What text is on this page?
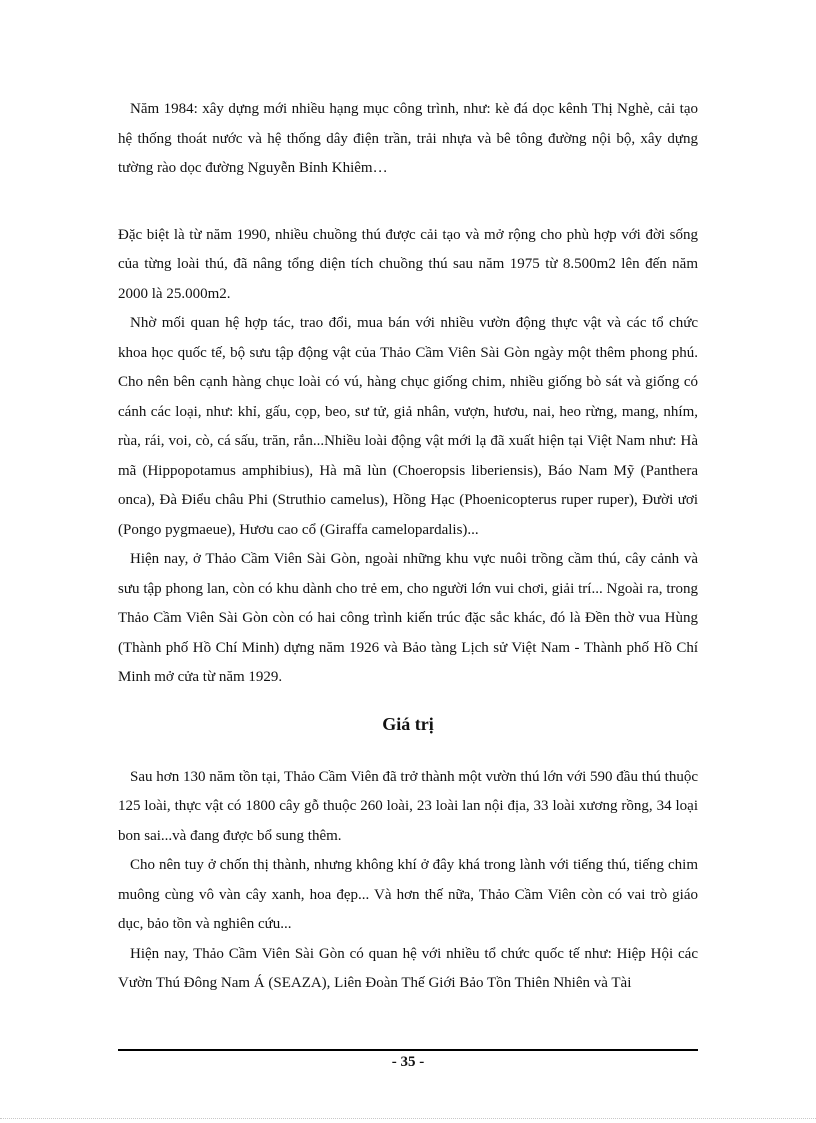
Năm 1984: xây dựng mới nhiều hạng mục công trình, như: kè đá dọc kênh Thị Nghè, cải tạo hệ thống thoát nước và hệ thống dây điện trần, trải nhựa và bê tông đường nội bộ, xây dựng tường rào dọc đường Nguyễn Bỉnh Khiêm…

Đặc biệt là từ năm 1990, nhiều chuồng thú được cải tạo và mở rộng cho phù hợp với đời sống của từng loài thú, đã nâng tổng diện tích chuồng thú sau năm 1975 từ 8.500m2 lên đến năm 2000 là 25.000m2.

Nhờ mối quan hệ hợp tác, trao đổi, mua bán với nhiều vườn động thực vật và các tổ chức khoa học quốc tế, bộ sưu tập động vật của Thảo Cầm Viên Sài Gòn ngày một thêm phong phú. Cho nên bên cạnh hàng chục loài có vú, hàng chục giống chim, nhiều giống bò sát và giống có cánh các loại, như: khỉ, gấu, cọp, beo, sư tử, giả nhân, vượn, hươu, nai, heo rừng, mang, nhím, rùa, rái, voi, cò, cá sấu, trăn, rắn...Nhiều loài động vật mới lạ đã xuất hiện tại Việt Nam như: Hà mã (Hippopotamus amphibius), Hà mã lùn (Choeropsis liberiensis), Báo Nam Mỹ (Panthera onca), Đà Điểu châu Phi (Struthio camelus), Hồng Hạc (Phoenicopterus ruper ruper), Đười ươi (Pongo pygmaeue), Hươu cao cổ (Giraffa camelopardalis)...

Hiện nay, ở Thảo Cầm Viên Sài Gòn, ngoài những khu vực nuôi trồng cầm thú, cây cảnh và sưu tập phong lan, còn có khu dành cho trẻ em, cho người lớn vui chơi, giải trí... Ngoài ra, trong Thảo Cầm Viên Sài Gòn còn có hai công trình kiến trúc đặc sắc khác, đó là Đền thờ vua Hùng (Thành phố Hồ Chí Minh) dựng năm 1926 và Bảo tàng Lịch sử Việt Nam - Thành phố Hồ Chí Minh mở cửa từ năm 1929.

Giá trị

Sau hơn 130 năm tồn tại, Thảo Cầm Viên đã trở thành một vườn thú lớn với 590 đầu thú thuộc 125 loài, thực vật có 1800 cây gỗ thuộc 260 loài, 23 loài lan nội địa, 33 loài xương rồng, 34 loại bon sai...và đang được bổ sung thêm.

Cho nên tuy ở chốn thị thành, nhưng không khí ở đây khá trong lành với tiếng thú, tiếng chim muông cùng vô vàn cây xanh, hoa đẹp... Và hơn thế nữa, Thảo Cầm Viên còn có vai trò giáo dục, bảo tồn và nghiên cứu...

Hiện nay, Thảo Cầm Viên Sài Gòn có quan hệ với nhiều tổ chức quốc tế như: Hiệp Hội các Vườn Thú Đông Nam Á (SEAZA), Liên Đoàn Thế Giới Bảo Tồn Thiên Nhiên và Tài

- 35 -
